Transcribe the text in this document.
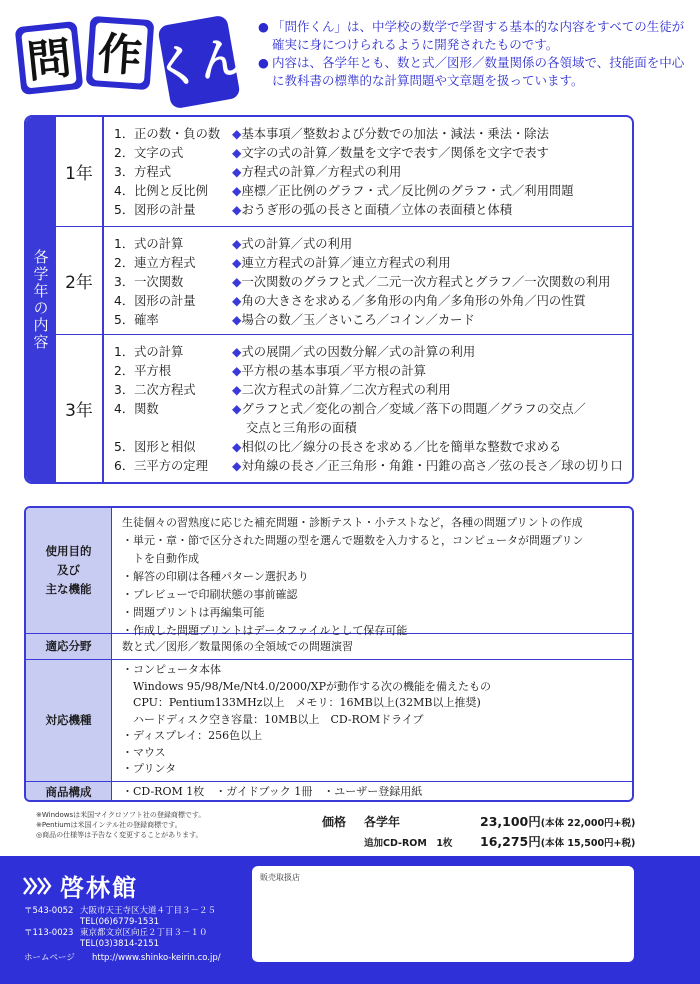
問 作 くん
● 「問作くん」は、中学校の数学で学習する基本的な内容をすべての生徒が確実に身につけられるように開発されたものです。
● 内容は、各学年とも、数と式／図形／数量関係の各領域で、技能面を中心に教科書の標準的な計算問題や文章題を扱っています。
各学年の内容
1年
1．正の数・負の数 ◆基本事項／整数および分数での加法・減法・乗法・除法
2．文字の式	◆文字の式の計算／数量を文字で表す／関係を文字で表す
3．方程式	◆方程式の計算／方程式の利用
4．比例と反比例	◆座標／正比例のグラフ・式／反比例のグラフ・式／利用問題
5．図形の計量	◆おうぎ形の弧の長さと面積／立体の表面積と体積
2年
1．式の計算	◆式の計算／式の利用
2．連立方程式	◆連立方程式の計算／連立方程式の利用
3．一次関数	◆一次関数のグラフと式／二元一次方程式とグラフ／一次関数の利用
4．図形の計量	◆角の大きさを求める／多角形の内角／多角形の外角／円の性質
5．確率	◆場合の数／玉／さいころ／コイン／カード
3年
1．式の計算	◆式の展開／式の因数分解／式の計算の利用
2．平方根	◆平方根の基本事項／平方根の計算
3．二次方程式	◆二次方程式の計算／二次方程式の利用
4．関数	◆グラフと式／変化の割合／変域／落下の問題／グラフの交点／
交点と三角形の面積
5．図形と相似	◆相似の比／線分の長さを求める／比を簡単な整数で求める
6．三平方の定理	◆対角線の長さ／正三角形・角錐・円錐の高さ／弦の長さ／球の切り口
使用目的
及び
主な機能
生徒個々の習熟度に応じた補充問題・診断テスト・小テストなど，各種の問題プリントの作成
・単元・章・節で区分された問題の型を選んで題数を入力すると，コンピュータが問題プリン
　トを自動作成
・解答の印刷は各種パターン選択あり
・プレビューで印刷状態の事前確認
・問題プリントは再編集可能
・作成した問題プリントはデータファイルとして保存可能
適応分野	数と式／図形／数量関係の全領域での問題演習
対応機種
・コンピュータ本体
　Windows 95/98/Me/Nt4.0/2000/XPが動作する次の機能を備えたもの
　CPU：Pentium133MHz以上　メモリ：16MB以上(32MB以上推奨)
　ハードディスク空き容量：10MB以上　CD-ROMドライブ
・ディスプレイ：256色以上
・マウス
・プリンタ
商品構成	・CD-ROM 1枚　・ガイドブック 1冊　・ユーザー登録用紙
※Windowsは米国マイクロソフト社の登録商標です。
※Pentiumは米国インテル社の登録商標です。
◎商品の仕様等は予告なく変更することがあります。
価格	各学年	23,100円 (本体 22,000円+税)
追加CD-ROM　1枚	16,275円 (本体 15,500円+税)
啓林館
〒543-0052 大阪市天王寺区大道４丁目３－２５
TEL(06)6779-1531
〒113-0023 東京都文京区向丘２丁目３－１０
TEL(03)3814-2151
ホームページ	http://www.shinko-keirin.co.jp/
販売取扱店
